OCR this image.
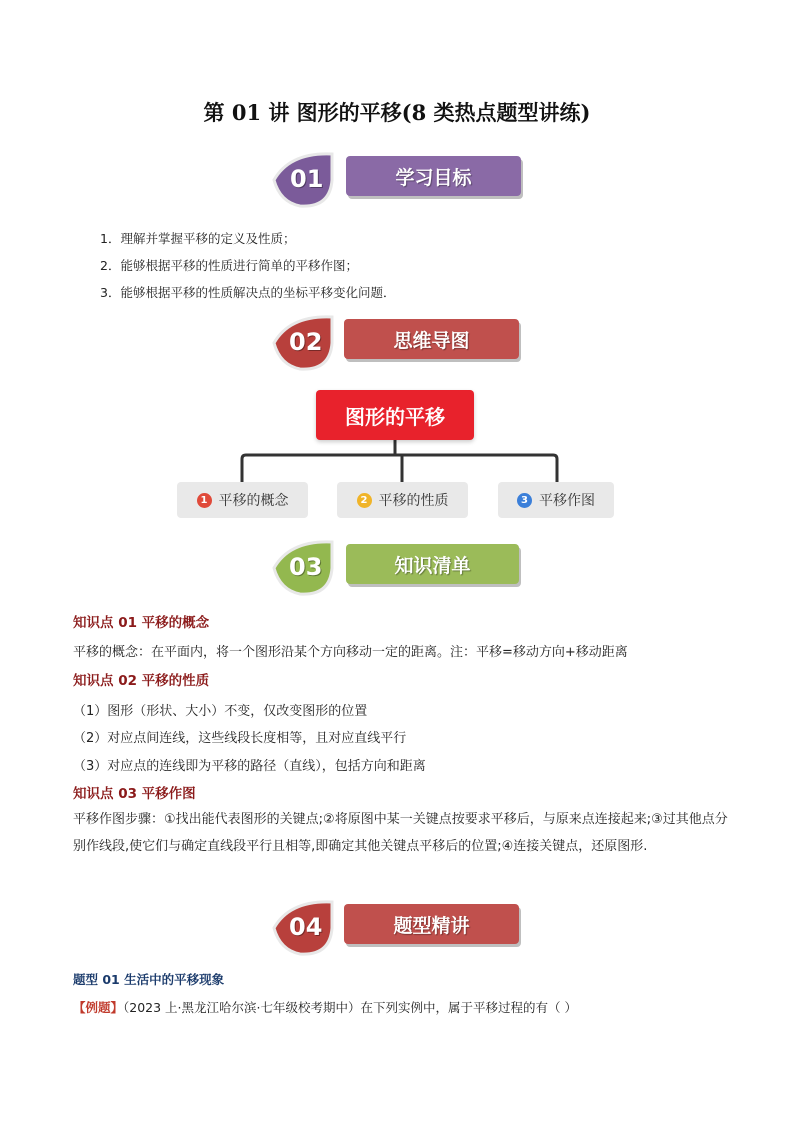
第 01 讲 图形的平移(8 类热点题型讲练)
01	学习目标
1．理解并掌握平移的定义及性质；
2．能够根据平移的性质进行简单的平移作图；
3．能够根据平移的性质解决点的坐标平移变化问题．
02	思维导图
图形的平移
1 平移的概念	2 平移的性质	3 平移作图
03	知识清单
知识点 01 平移的概念
平移的概念：在平面内，将一个图形沿某个方向移动一定的距离。注：平移=移动方向+移动距离
知识点 02 平移的性质
（1）图形（形状、大小）不变，仅改变图形的位置
（2）对应点间连线，这些线段长度相等，且对应直线平行
（3）对应点的连线即为平移的路径（直线），包括方向和距离
知识点 03 平移作图
平移作图步骤：①找出能代表图形的关键点;②将原图中某一关键点按要求平移后，与原来点连接起来;③过其他点分别作线段,使它们与确定直线段平行且相等,即确定其他关键点平移后的位置;④连接关键点，还原图形.
04	题型精讲
题型 01 生活中的平移现象
【例题】（2023 上·黑龙江哈尔滨·七年级校考期中）在下列实例中，属于平移过程的有（ ）
